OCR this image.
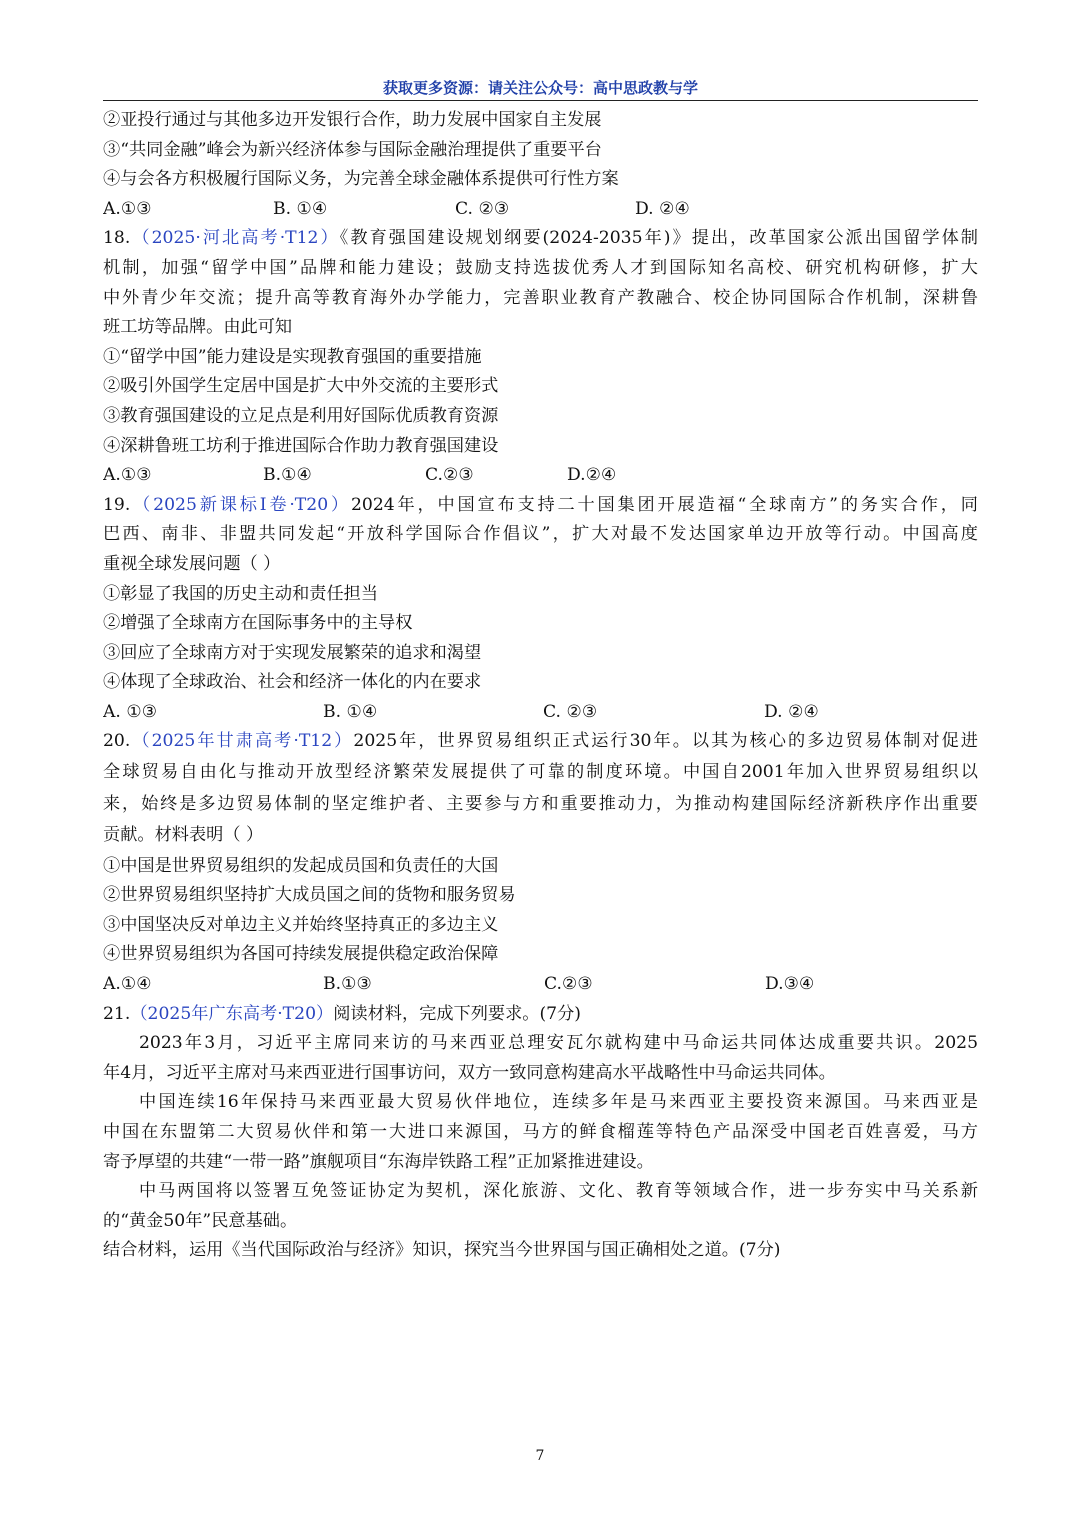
获取更多资源：请关注公众号：高中思政教与学
②亚投行通过与其他多边开发银行合作，助力发展中国家自主发展
③“共同金融”峰会为新兴经济体参与国际金融治理提供了重要平台
④与会各方积极履行国际义务，为完善全球金融体系提供可行性方案
A.①③	B. ①④	C. ②③	D. ②④
18.（2025·河北高考·T12）《教育强国建设规划纲要(2024-2035年)》提出，改革国家公派出国留学体制
机制，加强“留学中国”品牌和能力建设；鼓励支持选拔优秀人才到国际知名高校、研究机构研修，扩大
中外青少年交流；提升高等教育海外办学能力，完善职业教育产教融合、校企协同国际合作机制，深耕鲁
班工坊等品牌。由此可知
①“留学中国”能力建设是实现教育强国的重要措施
②吸引外国学生定居中国是扩大中外交流的主要形式
③教育强国建设的立足点是利用好国际优质教育资源
④深耕鲁班工坊利于推进国际合作助力教育强国建设
A.①③	B.①④	C.②③	D.②④
19.（2025新课标Ⅰ卷·T20）2024年，中国宣布支持二十国集团开展造福“全球南方”的务实合作，同
巴西、南非、非盟共同发起“开放科学国际合作倡议”，扩大对最不发达国家单边开放等行动。中国高度
重视全球发展问题（ ）
①彰显了我国的历史主动和责任担当
②增强了全球南方在国际事务中的主导权
③回应了全球南方对于实现发展繁荣的追求和渴望
④体现了全球政治、社会和经济一体化的内在要求
A. ①③	B. ①④	C. ②③	D. ②④
20.（2025年甘肃高考·T12）2025年，世界贸易组织正式运行30年。以其为核心的多边贸易体制对促进
全球贸易自由化与推动开放型经济繁荣发展提供了可靠的制度环境。中国自2001年加入世界贸易组织以
来，始终是多边贸易体制的坚定维护者、主要参与方和重要推动力，为推动构建国际经济新秩序作出重要
贡献。材料表明（ ）
①中国是世界贸易组织的发起成员国和负责任的大国
②世界贸易组织坚持扩大成员国之间的货物和服务贸易
③中国坚决反对单边主义并始终坚持真正的多边主义
④世界贸易组织为各国可持续发展提供稳定政治保障
A.①④	B.①③	C.②③	D.③④
21.（2025年广东高考·T20）阅读材料，完成下列要求。(7分)
2023年3月，习近平主席同来访的马来西亚总理安瓦尔就构建中马命运共同体达成重要共识。2025
年4月，习近平主席对马来西亚进行国事访问，双方一致同意构建高水平战略性中马命运共同体。
中国连续16年保持马来西亚最大贸易伙伴地位，连续多年是马来西亚主要投资来源国。马来西亚是
中国在东盟第二大贸易伙伴和第一大进口来源国，马方的鲜食榴莲等特色产品深受中国老百姓喜爱，马方
寄予厚望的共建“一带一路”旗舰项目“东海岸铁路工程”正加紧推进建设。
中马两国将以签署互免签证协定为契机，深化旅游、文化、教育等领域合作，进一步夯实中马关系新
的“黄金50年”民意基础。
结合材料，运用《当代国际政治与经济》知识，探究当今世界国与国正确相处之道。(7分)
7
